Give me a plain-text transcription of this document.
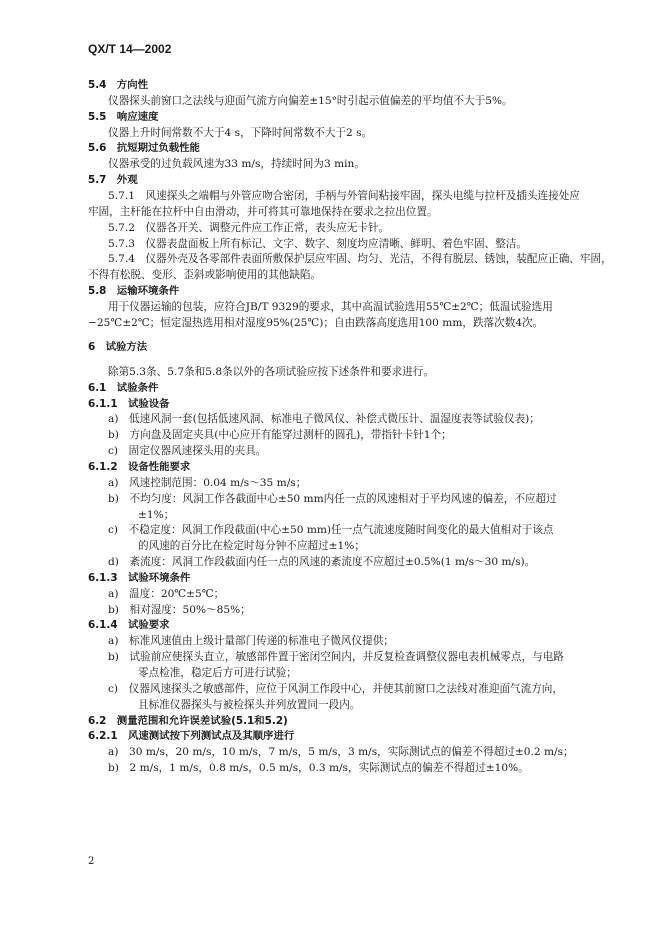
QX/T 14—2002
5.4　方向性
仪器探头前窗口之法线与迎面气流方向偏差±15°时引起示值偏差的平均值不大于5%。
5.5　响应速度
仪器上升时间常数不大于4 s，下降时间常数不大于2 s。
5.6　抗短期过负载性能
仪器承受的过负载风速为33 m/s，持续时间为3 min。
5.7　外观
5.7.1　风速探头之端帽与外管应吻合密闭，手柄与外管间粘接牢固，探头电缆与拉杆及插头连接处应
牢固，主杆能在拉杆中自由滑动，并可将其可靠地保持在要求之拉出位置。
5.7.2　仪器各开关、调整元件应工作正常，表头应无卡针。
5.7.3　仪器表盘面板上所有标记、文字、数字、刻度均应清晰、鲜明、着色牢固、整洁。
5.7.4　仪器外壳及各零部件表面所敷保护层应牢固、均匀、光洁，不得有脱层、锈蚀，装配应正确、牢固，
不得有松脱、变形、歪斜或影响使用的其他缺陷。
5.8　运输环境条件
用于仪器运输的包装，应符合JB/T 9329的要求，其中高温试验选用55℃±2℃；低温试验选用
−25℃±2℃；恒定湿热选用相对湿度95%(25℃)；自由跌落高度选用100 mm，跌落次数4次。
6　试验方法
除第5.3条、5.7条和5.8条以外的各项试验应按下述条件和要求进行。
6.1　试验条件
6.1.1　试验设备
a)　低速风洞一套(包括低速风洞、标准电子微风仪、补偿式微压计、温湿度表等试验仪表)；
b)　方向盘及固定夹具(中心应开有能穿过测杆的圆孔)，带指针卡针1个；
c)　固定仪器风速探头用的夹具。
6.1.2　设备性能要求
a)　风速控制范围：0.04 m/s～35 m/s；
b)　不均匀度：风洞工作各截面中心±50 mm内任一点的风速相对于平均风速的偏差，不应超过
±1%；
c)　不稳定度：风洞工作段截面(中心±50 mm)任一点气流速度随时间变化的最大值相对于该点
的风速的百分比在检定时每分钟不应超过±1%；
d)　紊流度：风洞工作段截面内任一点的风速的紊流度不应超过±0.5%(1 m/s～30 m/s)。
6.1.3　试验环境条件
a)　温度：20℃±5℃；
b)　相对湿度：50%～85%；
6.1.4　试验要求
a)　标准风速值由上级计量部门传递的标准电子微风仪提供；
b)　试验前应使探头直立，敏感部件置于密闭空间内，并反复检查调整仪器电表机械零点，与电路
零点检准，稳定后方可进行试验；
c)　仪器风速探头之敏感部件，应位于风洞工作段中心，并使其前窗口之法线对准迎面气流方向，
且标准仪器探头与被检探头并列放置同一段内。
6.2　测量范围和允许误差试验(5.1和5.2)
6.2.1　风速测试按下列测试点及其顺序进行
a)　30 m/s，20 m/s，10 m/s，7 m/s，5 m/s，3 m/s，实际测试点的偏差不得超过±0.2 m/s；
b)　2 m/s，1 m/s，0.8 m/s，0.5 m/s，0.3 m/s，实际测试点的偏差不得超过±10%。
2
